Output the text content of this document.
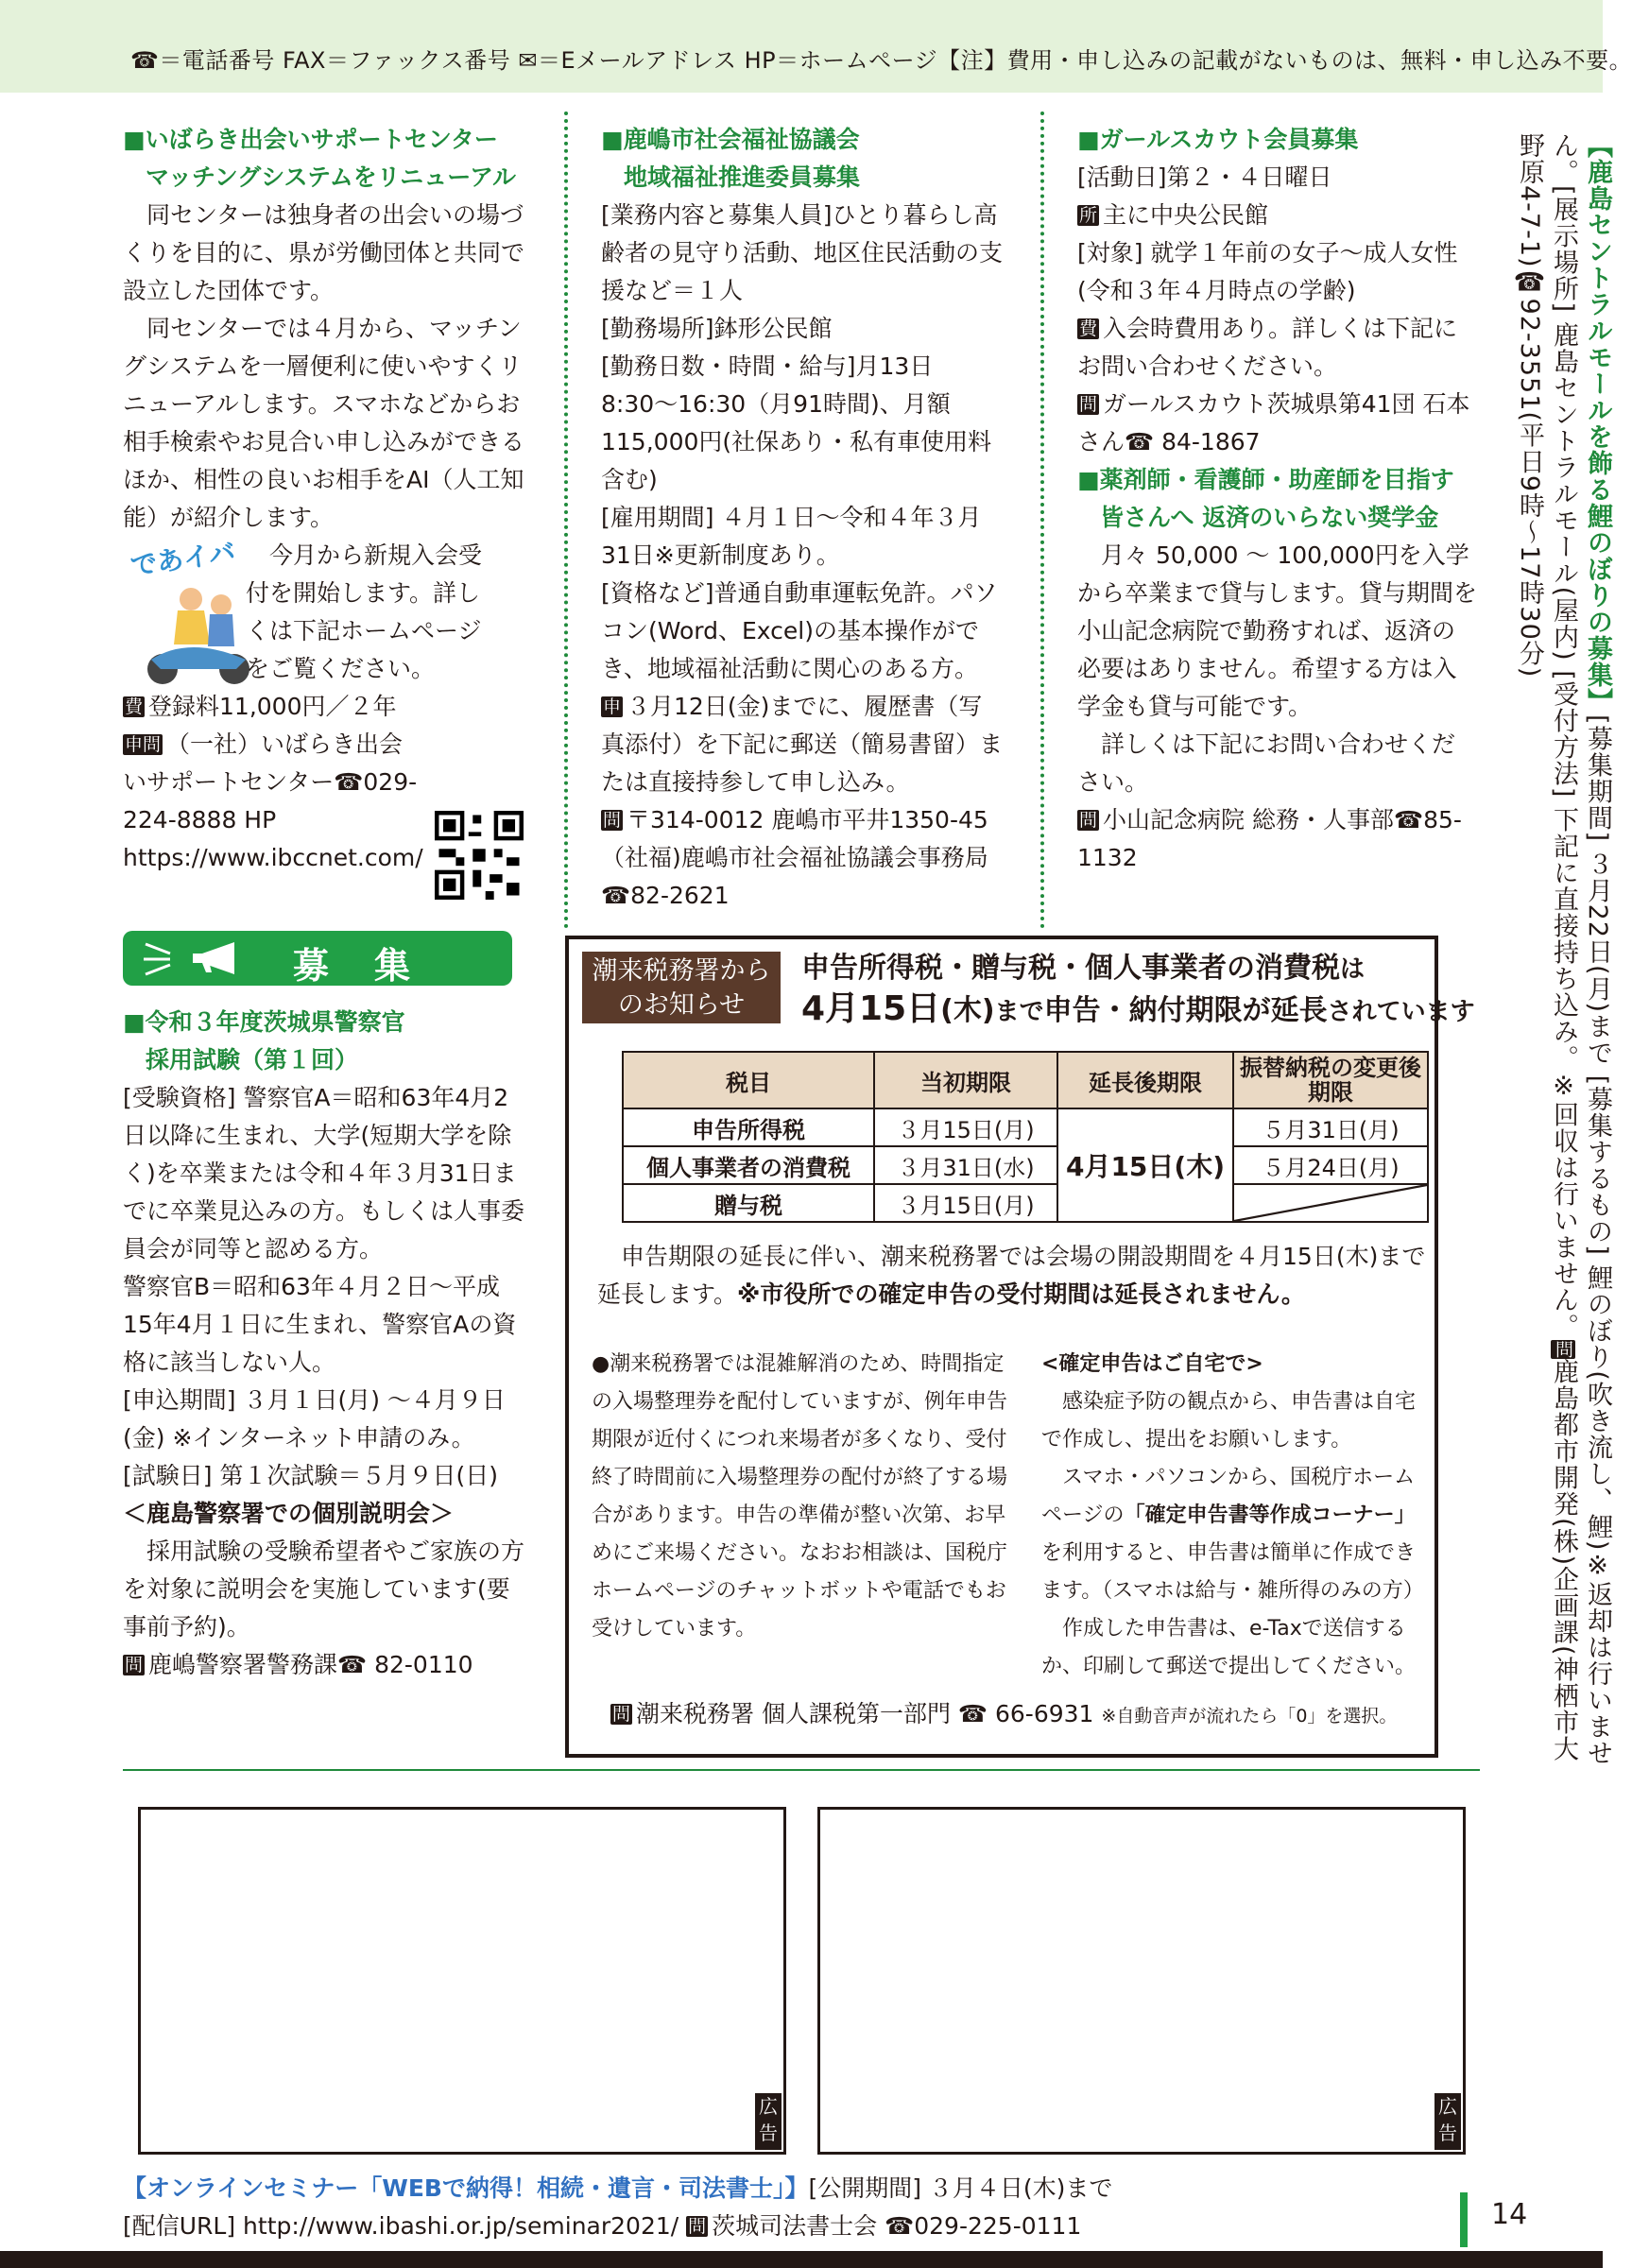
☎＝電話番号 FAX＝ファックス番号 ✉＝Eメールアドレス HP＝ホームページ【注】費用・申し込みの記載がないものは、無料・申し込み不要。

■いばらき出会いサポートセンター

マッチングシステムをリニューアル

同センターは独身者の出会いの場づくりを目的に、県が労働団体と共同で設立した団体です。

同センターでは４月から、マッチングシステムを一層便利に使いやすくリニューアルします。スマホなどからお相手検索やお見合い申し込みができるほか、相性の良いお相手をAI（人工知能）が紹介します。

であイバ	今月から新規入会受付を開始します。詳しくは下記ホームページをご覧ください。

費 登録料11,000円／２年

申問 （一社）いばらき出会いサポートセンター☎029-224-8888 HP https://www.ibccnet.com/

募集

■令和３年度茨城県警察官

採用試験（第１回）

[受験資格] 警察官A＝昭和63年4月2日以降に生まれ、大学(短期大学を除く)を卒業または令和４年３月31日までに卒業見込みの方。もしくは人事委員会が同等と認める方。

警察官B＝昭和63年４月２日〜平成15年4月１日に生まれ、警察官Aの資格に該当しない人。

[申込期間] ３月１日(月) 〜４月９日(金) ※インターネット申請のみ。

[試験日] 第１次試験＝５月９日(日)

＜鹿島警察署での個別説明会＞

採用試験の受験希望者やご家族の方を対象に説明会を実施しています(要事前予約)。

問 鹿嶋警察署警務課☎ 82-0110

■鹿嶋市社会福祉協議会

地域福祉推進委員募集

[業務内容と募集人員]ひとり暮らし高齢者の見守り活動、地区住民活動の支援など＝１人

[勤務場所]鉢形公民館

[勤務日数・時間・給与]月13日8:30〜16:30（月91時間)、月額115,000円(社保あり・私有車使用料含む)

[雇用期間] ４月１日〜令和４年３月31日※更新制度あり。

[資格など]普通自動車運転免許。パソコン(Word、Excel)の基本操作ができ、地域福祉活動に関心のある方。

申 ３月12日(金)までに、履歴書（写真添付）を下記に郵送（簡易書留）または直接持参して申し込み。

問 〒314-0012 鹿嶋市平井1350-45（社福)鹿嶋市社会福祉協議会事務局☎82-2621

■ガールスカウト会員募集

[活動日]第２・４日曜日

所 主に中央公民館

[対象] 就学１年前の女子〜成人女性(令和３年４月時点の学齢)

費 入会時費用あり。詳しくは下記にお問い合わせください。

問 ガールスカウト茨城県第41団 石本さん☎ 84-1867

■薬剤師・看護師・助産師を目指す

皆さんへ 返済のいらない奨学金

月々 50,000 〜 100,000円を入学から卒業まで貸与します。貸与期間を小山記念病院で勤務すれば、返済の必要はありません。希望する方は入学金も貸与可能です。

詳しくは下記にお問い合わせください。

問 小山記念病院 総務・人事部☎85-1132

潮来税務署からのお知らせ
申告所得税・贈与税・個人事業者の消費税は
4月15日(木)まで申告・納付期限が延長されています
税目	当初期限	延長後期限	振替納税の変更後期限
申告所得税	３月15日(月)	4月15日(木)	５月31日(月)
個人事業者の消費税	３月31日(水)		５月24日(月)
贈与税	３月15日(月)	
申告期限の延長に伴い、潮来税務署では会場の開設期間を４月15日(木)まで延長します。※市役所での確定申告の受付期間は延長されません。

●潮来税務署では混雑解消のため、時間指定の入場整理券を配付していますが、例年申告期限が近付くにつれ来場者が多くなり、受付終了時間前に入場整理券の配付が終了する場合があります。申告の準備が整い次第、お早めにご来場ください。なおお相談は、国税庁ホームページのチャットボットや電話でもお受けしています。

<確定申告はご自宅で>

感染症予防の観点から、申告書は自宅で作成し、提出をお願いします。

スマホ・パソコンから、国税庁ホームページの「確定申告書等作成コーナー」を利用すると、申告書は簡単に作成できます。（スマホは給与・雑所得のみの方）

作成した申告書は、e-Taxで送信するか、印刷して郵送で提出してください。

問 潮来税務署 個人課税第一部門 ☎ 66-6931 ※自動音声が流れたら「0」を選択。
広告
広告
【オンラインセミナー「WEBで納得！相続・遺言・司法書士」】[公開期間] ３月４日(木)まで
[配信URL] http://www.ibashi.or.jp/seminar2021/ 問 茨城司法書士会 ☎029-225-0111	14
【鹿島セントラルモールを飾る鯉のぼりの募集】[募集期間] ３月22日(月)まで [募集するもの] 鯉のぼり(吹き流し、鯉)※返却は行いません。[展示場所] 鹿島セントラルモール(屋内) [受付方法] 下記に直接持ち込み。※回収は行いません。問鹿島都市開発(株)企画課(神栖市大野原4-7-1)☎92-3551(平日9時〜17時30分)
